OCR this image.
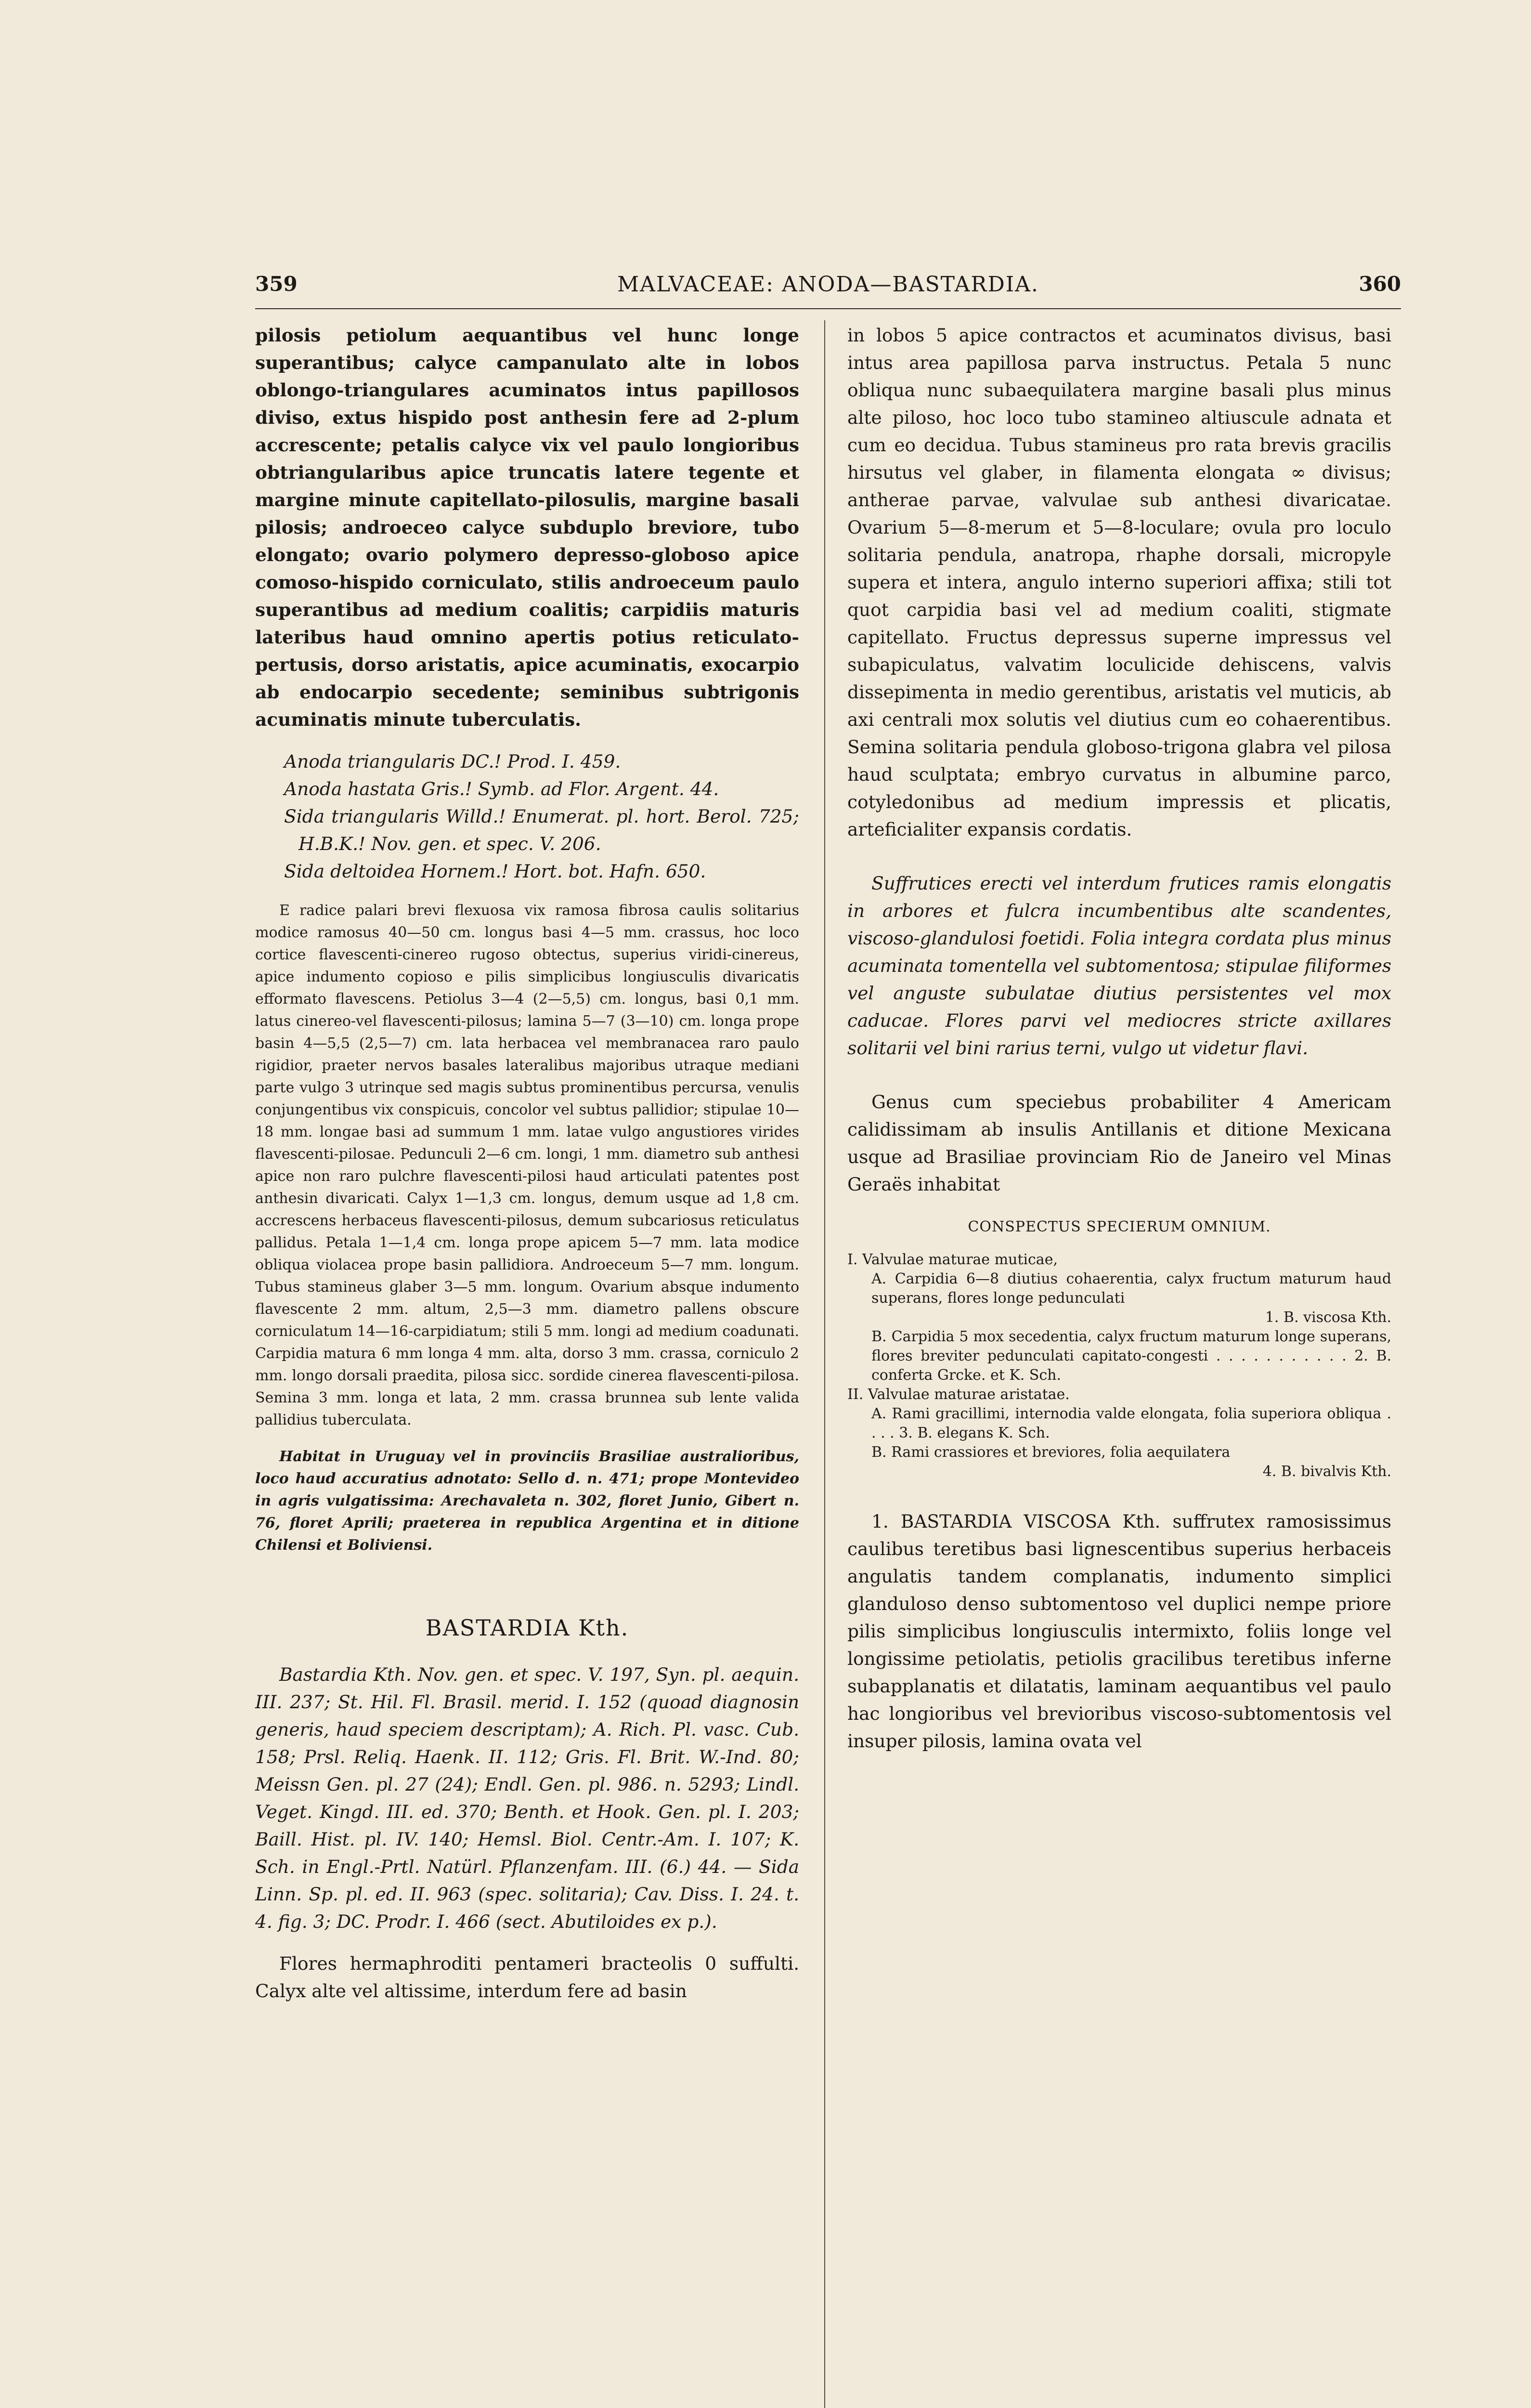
359	MALVACEAE: ANODA—BASTARDIA.	360

pilosis petiolum aequantibus vel hunc longe superantibus; calyce campanulato alte in lobos oblongo-triangulares acuminatos intus papillosos diviso, extus hispido post anthesin fere ad 2-plum accrescente; petalis calyce vix vel paulo longioribus obtriangularibus apice truncatis latere tegente et margine minute capitellato-pilosulis, margine basali pilosis; androeceo calyce subduplo breviore, tubo elongato; ovario polymero depresso-globoso apice comoso-hispido corniculato, stilis androeceum paulo superantibus ad medium coalitis; carpidiis maturis lateribus haud omnino apertis potius reticulato-pertusis, dorso aristatis, apice acuminatis, exocarpio ab endocarpio secedente; seminibus subtrigonis acuminatis minute tuberculatis.

Anoda triangularis DC.! Prod. I. 459.

Anoda hastata Gris.! Symb. ad Flor. Argent. 44.

Sida triangularis Willd.! Enumerat. pl. hort. Berol. 725; H.B.K.! Nov. gen. et spec. V. 206.

Sida deltoidea Hornem.! Hort. bot. Hafn. 650.

E radice palari brevi flexuosa vix ramosa fibrosa caulis solitarius modice ramosus 40—50 cm. longus basi 4—5 mm. crassus, hoc loco cortice flavescenti-cinereo rugoso obtectus, superius viridi-cinereus, apice indumento copioso e pilis simplicibus longiusculis divaricatis efformato flavescens. Petiolus 3—4 (2—5,5) cm. longus, basi 0,1 mm. latus cinereo-vel flavescenti-pilosus; lamina 5—7 (3—10) cm. longa prope basin 4—5,5 (2,5—7) cm. lata herbacea vel membranacea raro paulo rigidior, praeter nervos basales lateralibus majoribus utraque mediani parte vulgo 3 utrinque sed magis subtus prominentibus percursa, venulis conjungentibus vix conspicuis, concolor vel subtus pallidior; stipulae 10—18 mm. longae basi ad summum 1 mm. latae vulgo angustiores virides flavescenti-pilosae. Pedunculi 2—6 cm. longi, 1 mm. diametro sub anthesi apice non raro pulchre flavescenti-pilosi haud articulati patentes post anthesin divaricati. Calyx 1—1,3 cm. longus, demum usque ad 1,8 cm. accrescens herbaceus flavescenti-pilosus, demum subcariosus reticulatus pallidus. Petala 1—1,4 cm. longa prope apicem 5—7 mm. lata modice obliqua violacea prope basin pallidiora. Androeceum 5—7 mm. longum. Tubus stamineus glaber 3—5 mm. longum. Ovarium absque indumento flavescente 2 mm. altum, 2,5—3 mm. diametro pallens obscure corniculatum 14—16-carpidiatum; stili 5 mm. longi ad medium coadunati. Carpidia matura 6 mm longa 4 mm. alta, dorso 3 mm. crassa, corniculo 2 mm. longo dorsali praedita, pilosa sicc. sordide cinerea flavescenti-pilosa. Semina 3 mm. longa et lata, 2 mm. crassa brunnea sub lente valida pallidius tuberculata.

Habitat in Uruguay vel in provinciis Brasiliae australioribus, loco haud accuratius adnotato: Sello d. n. 471; prope Montevideo in agris vulgatissima: Arechavaleta n. 302, floret Junio, Gibert n. 76, floret Aprili; praeterea in republica Argentina et in ditione Chilensi et Boliviensi.

BASTARDIA Kth.

Bastardia Kth. Nov. gen. et spec. V. 197, Syn. pl. aequin. III. 237; St. Hil. Fl. Brasil. merid. I. 152 (quoad diagnosin generis, haud speciem descriptam); A. Rich. Pl. vasc. Cub. 158; Prsl. Reliq. Haenk. II. 112; Gris. Fl. Brit. W.-Ind. 80; Meissn Gen. pl. 27 (24); Endl. Gen. pl. 986. n. 5293; Lindl. Veget. Kingd. III. ed. 370; Benth. et Hook. Gen. pl. I. 203; Baill. Hist. pl. IV. 140; Hemsl. Biol. Centr.-Am. I. 107; K. Sch. in Engl.-Prtl. Natürl. Pflanzenfam. III. (6.) 44. — Sida Linn. Sp. pl. ed. II. 963 (spec. solitaria); Cav. Diss. I. 24. t. 4. fig. 3; DC. Prodr. I. 466 (sect. Abutiloides ex p.).

Flores hermaphroditi pentameri bracteolis 0 suffulti. Calyx alte vel altissime, interdum fere ad basin

in lobos 5 apice contractos et acuminatos divisus, basi intus area papillosa parva instructus. Petala 5 nunc obliqua nunc subaequilatera margine basali plus minus alte piloso, hoc loco tubo stamineo altiuscule adnata et cum eo decidua. Tubus stamineus pro rata brevis gracilis hirsutus vel glaber, in filamenta elongata ∞ divisus; antherae parvae, valvulae sub anthesi divaricatae. Ovarium 5—8-merum et 5—8-loculare; ovula pro loculo solitaria pendula, anatropa, rhaphe dorsali, micropyle supera et intera, angulo interno superiori affixa; stili tot quot carpidia basi vel ad medium coaliti, stigmate capitellato. Fructus depressus superne impressus vel subapiculatus, valvatim loculicide dehiscens, valvis dissepimenta in medio gerentibus, aristatis vel muticis, ab axi centrali mox solutis vel diutius cum eo cohaerentibus. Semina solitaria pendula globoso-trigona glabra vel pilosa haud sculptata; embryo curvatus in albumine parco, cotyledonibus ad medium impressis et plicatis, arteficialiter expansis cordatis.

Suffrutices erecti vel interdum frutices ramis elongatis in arbores et fulcra incumbentibus alte scandentes, viscoso-glandulosi foetidi. Folia integra cordata plus minus acuminata tomentella vel subtomentosa; stipulae filiformes vel anguste subulatae diutius persistentes vel mox caducae. Flores parvi vel mediocres stricte axillares solitarii vel bini rarius terni, vulgo ut videtur flavi.

Genus cum speciebus probabiliter 4 Americam calidissimam ab insulis Antillanis et ditione Mexicana usque ad Brasiliae provinciam Rio de Janeiro vel Minas Geraës inhabitat

CONSPECTUS SPECIERUM OMNIUM.

I. Valvulae maturae muticae,

A. Carpidia 6—8 diutius cohaerentia, calyx fructum maturum haud superans, flores longe pedunculati

1. B. viscosa Kth.

B. Carpidia 5 mox secedentia, calyx fructum maturum longe superans, flores breviter pedunculati capitato-congesti . . . . . . . . . . . 2. B. conferta Grcke. et K. Sch.

II. Valvulae maturae aristatae.

A. Rami gracillimi, internodia valde elongata, folia superiora obliqua . . . . 3. B. elegans K. Sch.

B. Rami crassiores et breviores, folia aequilatera

4. B. bivalvis Kth.

1. BASTARDIA VISCOSA Kth. suffrutex ramosissimus caulibus teretibus basi lignescentibus superius herbaceis angulatis tandem complanatis, indumento simplici glanduloso denso subtomentoso vel duplici nempe priore pilis simplicibus longiusculis intermixto, foliis longe vel longissime petiolatis, petiolis gracilibus teretibus inferne subapplanatis et dilatatis, laminam aequantibus vel paulo hac longioribus vel brevioribus viscoso-subtomentosis vel insuper pilosis, lamina ovata vel
